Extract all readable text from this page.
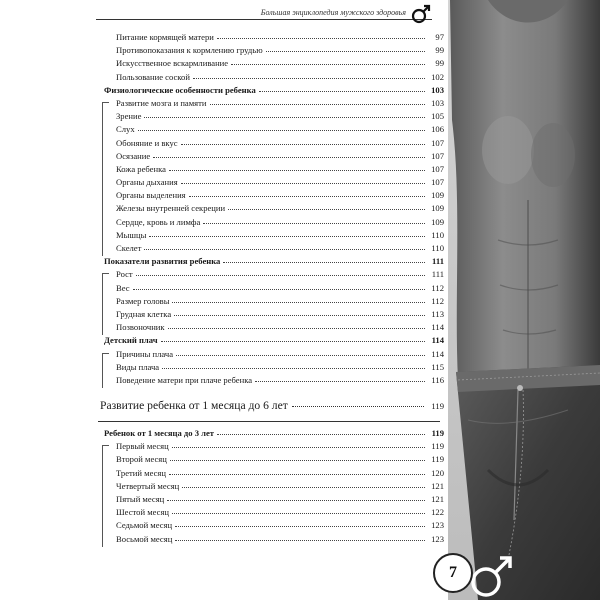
Большая энциклопедия мужского здоровья
Питание кормящей матери	97
Противопоказания к кормлению грудью	99
Искусственное вскармливание	99
Пользование соской	102
Физиологические особенности ребенка	103
Развитие мозга и памяти	103
Зрение	105
Слух	106
Обоняние и вкус	107
Осязание	107
Кожа ребенка	107
Органы дыхания	107
Органы выделения	109
Железы внутренней секреции	109
Сердце, кровь и лимфа	109
Мышцы	110
Скелет	110
Показатели развития ребенка	111
Рост	111
Вес	112
Размер головы	112
Грудная клетка	113
Позвоночник	114
Детский плач	114
Причины плача	114
Виды плача	115
Поведение матери при плаче ребенка	116
Развитие ребенка от 1 месяца до 6 лет	119
Ребенок от 1 месяца до 3 лет	119
Первый месяц	119
Второй месяц	119
Третий месяц	120
Четвертый месяц	121
Пятый месяц	121
Шестой месяц	122
Седьмой месяц	123
Восьмой месяц	123
7
